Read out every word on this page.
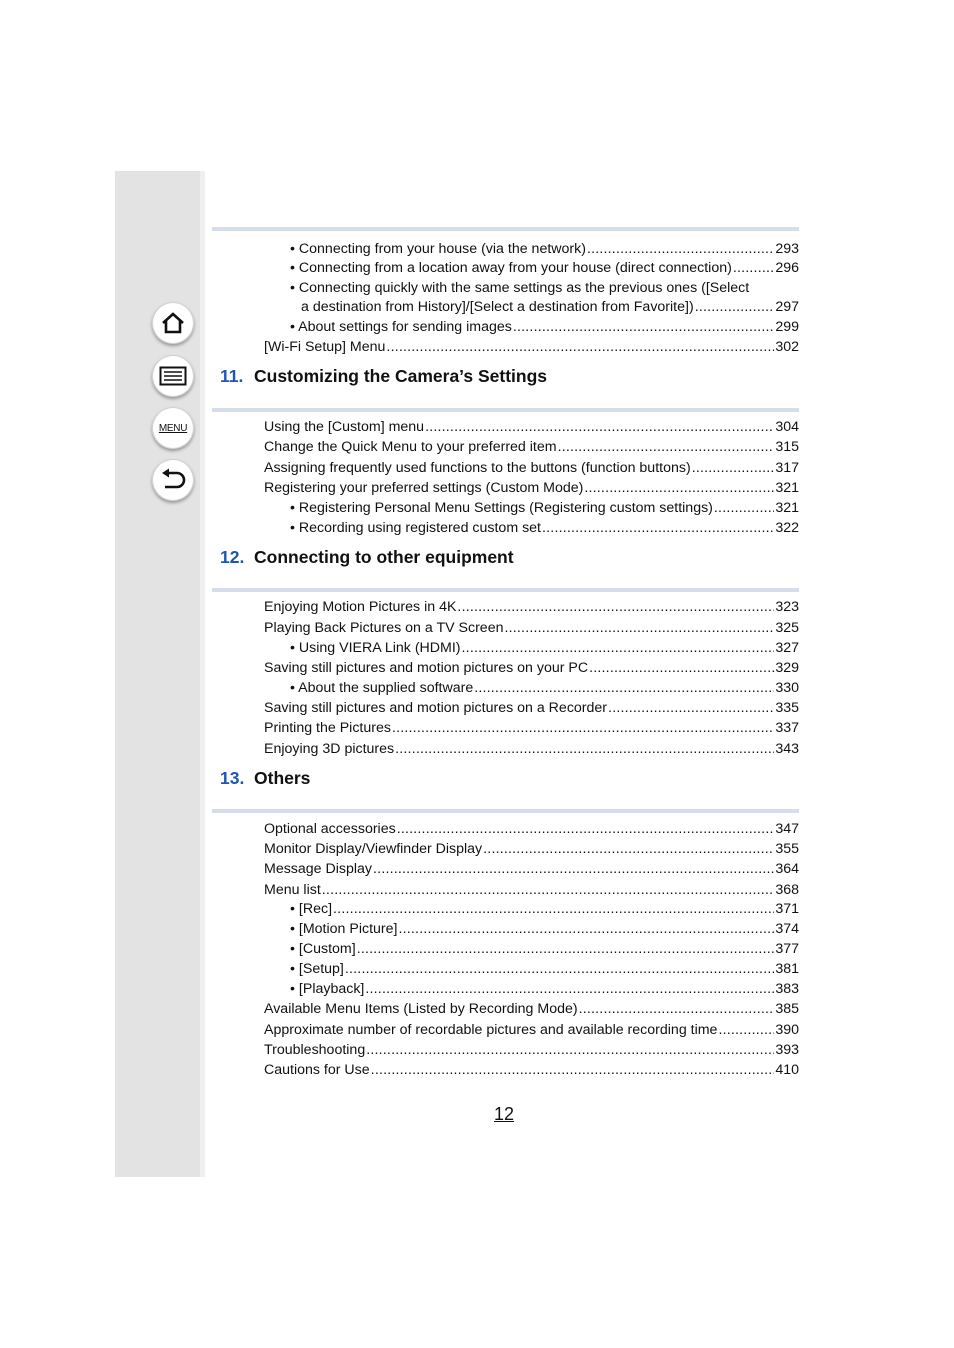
MENU
• Connecting from your house (via the network) .....	293
• Connecting from a location away from your house (direct connection) .....	296
• Connecting quickly with the same settings as the previous ones ([Select
a destination from History]/[Select a destination from Favorite]) .....	297
• About settings for sending images .....	299
[Wi-Fi Setup] Menu .....	302
11. Customizing the Camera’s Settings
Using the [Custom] menu .....	304
Change the Quick Menu to your preferred item .....	315
Assigning frequently used functions to the buttons (function buttons) .....	317
Registering your preferred settings (Custom Mode) .....	321
• Registering Personal Menu Settings (Registering custom settings) .....	321
• Recording using registered custom set .....	322
12. Connecting to other equipment
Enjoying Motion Pictures in 4K .....	323
Playing Back Pictures on a TV Screen .....	325
• Using VIERA Link (HDMI) .....	327
Saving still pictures and motion pictures on your PC .....	329
• About the supplied software .....	330
Saving still pictures and motion pictures on a Recorder .....	335
Printing the Pictures .....	337
Enjoying 3D pictures .....	343
13. Others
Optional accessories .....	347
Monitor Display/Viewfinder Display .....	355
Message Display .....	364
Menu list .....	368
• [Rec] .....	371
• [Motion Picture] .....	374
• [Custom] .....	377
• [Setup] .....	381
• [Playback] .....	383
Available Menu Items (Listed by Recording Mode) .....	385
Approximate number of recordable pictures and available recording time .....	390
Troubleshooting .....	393
Cautions for Use .....	410
12
